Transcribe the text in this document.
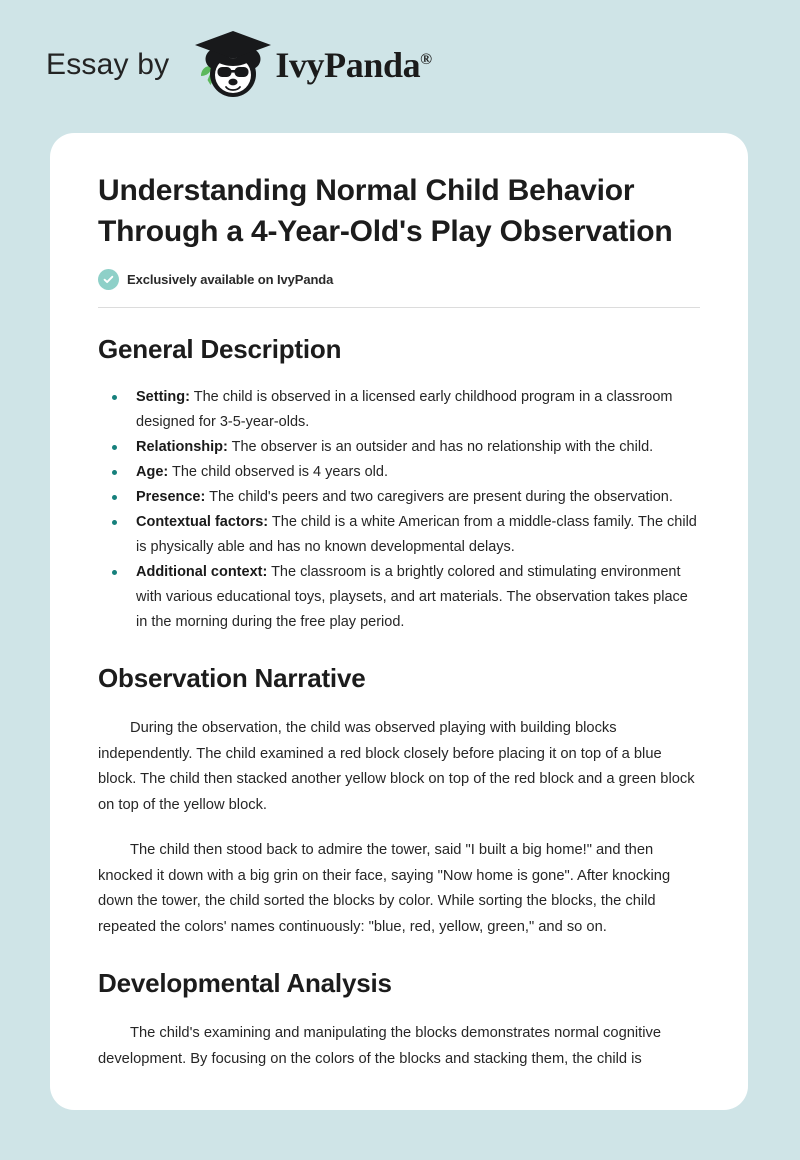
Essay by	IvyPanda®
Understanding Normal Child Behavior Through a 4-Year-Old's Play Observation
Exclusively available on IvyPanda
General Description
Setting: The child is observed in a licensed early childhood program in a classroom designed for 3-5-year-olds.
Relationship: The observer is an outsider and has no relationship with the child.
Age: The child observed is 4 years old.
Presence: The child's peers and two caregivers are present during the observation.
Contextual factors: The child is a white American from a middle-class family. The child is physically able and has no known developmental delays.
Additional context: The classroom is a brightly colored and stimulating environment with various educational toys, playsets, and art materials. The observation takes place in the morning during the free play period.
Observation Narrative

During the observation, the child was observed playing with building blocks independently. The child examined a red block closely before placing it on top of a blue block. The child then stacked another yellow block on top of the red block and a green block on top of the yellow block.

The child then stood back to admire the tower, said "I built a big home!" and then knocked it down with a big grin on their face, saying "Now home is gone". After knocking down the tower, the child sorted the blocks by color. While sorting the blocks, the child repeated the colors' names continuously: "blue, red, yellow, green," and so on.

Developmental Analysis

The child's examining and manipulating the blocks demonstrates normal cognitive development. By focusing on the colors of the blocks and stacking them, the child is
